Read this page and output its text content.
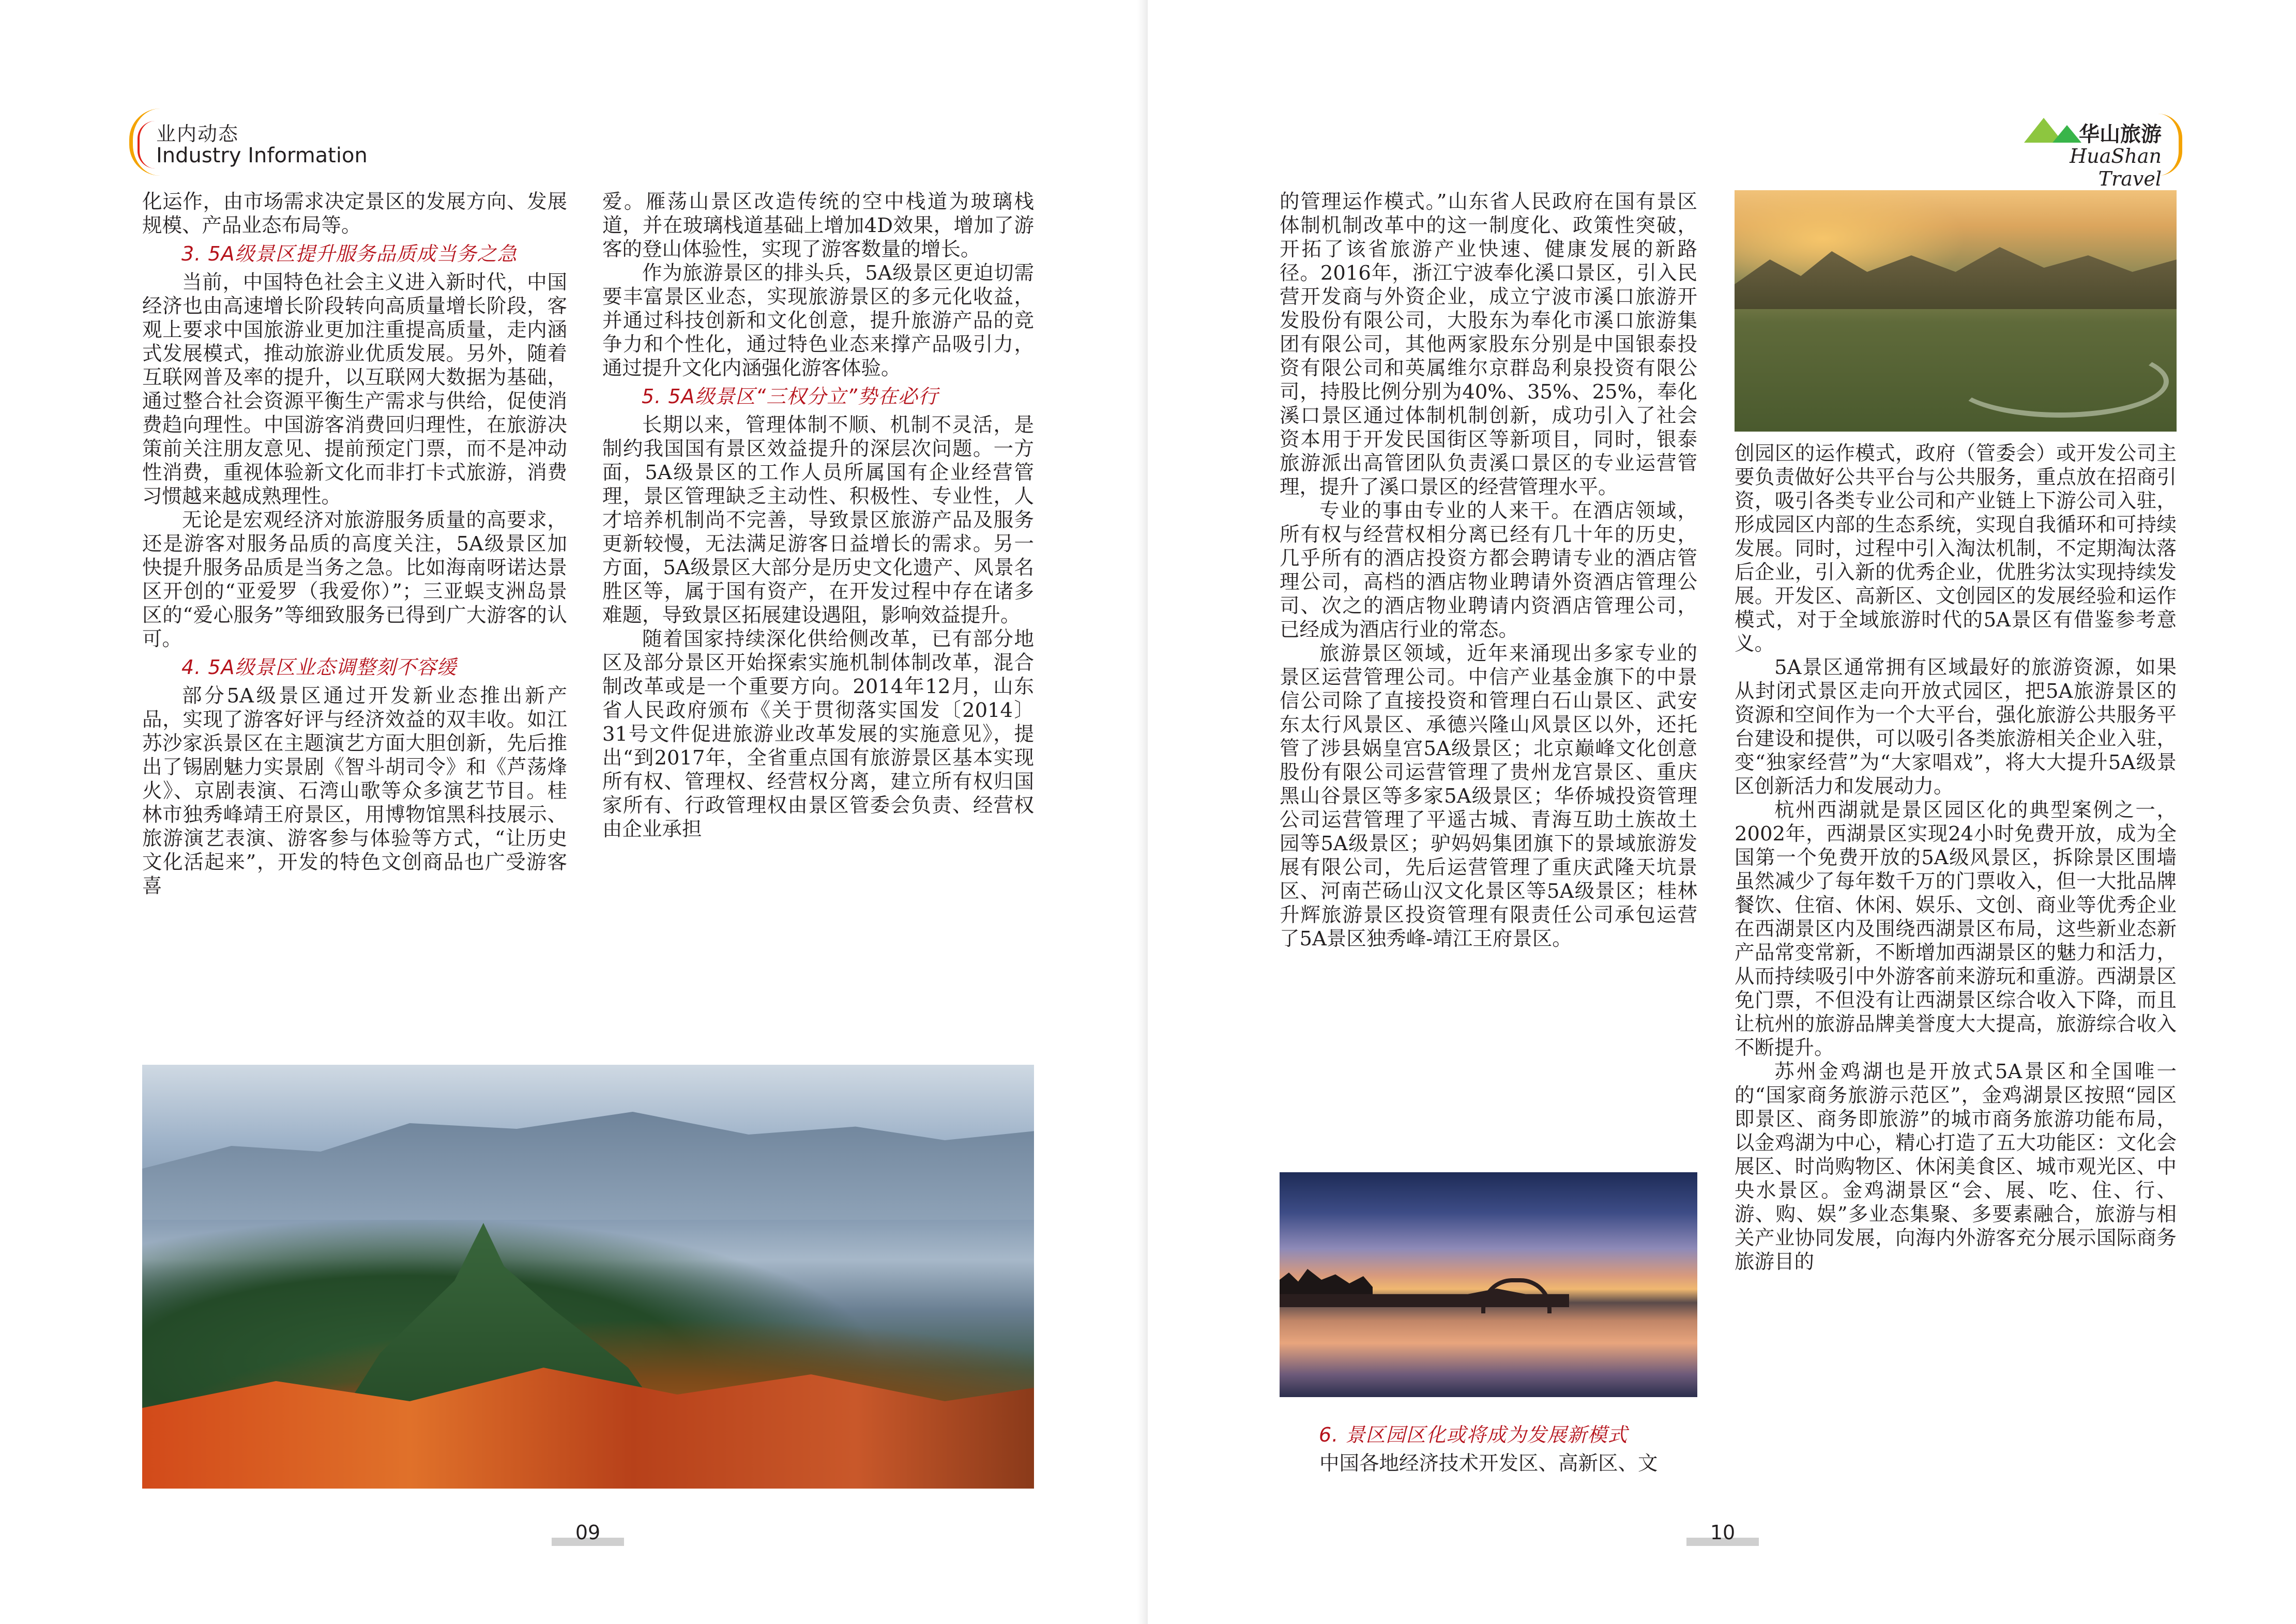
业内动态
Industry Information

化运作，由市场需求决定景区的发展方向、发展规模、产品业态布局等。

3. 5A级景区提升服务品质成当务之急

当前，中国特色社会主义进入新时代，中国经济也由高速增长阶段转向高质量增长阶段，客观上要求中国旅游业更加注重提高质量，走内涵式发展模式，推动旅游业优质发展。另外，随着互联网普及率的提升，以互联网大数据为基础，通过整合社会资源平衡生产需求与供给，促使消费趋向理性。中国游客消费回归理性，在旅游决策前关注朋友意见、提前预定门票，而不是冲动性消费，重视体验新文化而非打卡式旅游，消费习惯越来越成熟理性。

无论是宏观经济对旅游服务质量的高要求，还是游客对服务品质的高度关注，5A级景区加快提升服务品质是当务之急。比如海南呀诺达景区开创的“亚爱罗（我爱你）”；三亚蜈支洲岛景区的“爱心服务”等细致服务已得到广大游客的认可。

4. 5A级景区业态调整刻不容缓

部分5A级景区通过开发新业态推出新产品，实现了游客好评与经济效益的双丰收。如江苏沙家浜景区在主题演艺方面大胆创新，先后推出了锡剧魅力实景剧《智斗胡司令》和《芦荡烽火》、京剧表演、石湾山歌等众多演艺节目。桂林市独秀峰靖王府景区，用博物馆黑科技展示、旅游演艺表演、游客参与体验等方式，“让历史文化活起来”，开发的特色文创商品也广受游客喜

爱。雁荡山景区改造传统的空中栈道为玻璃栈道，并在玻璃栈道基础上增加4D效果，增加了游客的登山体验性，实现了游客数量的增长。

作为旅游景区的排头兵，5A级景区更迫切需要丰富景区业态，实现旅游景区的多元化收益，并通过科技创新和文化创意，提升旅游产品的竞争力和个性化，通过特色业态来撑产品吸引力，通过提升文化内涵强化游客体验。

5. 5A级景区“三权分立”势在必行

长期以来，管理体制不顺、机制不灵活，是制约我国国有景区效益提升的深层次问题。一方面，5A级景区的工作人员所属国有企业经营管理，景区管理缺乏主动性、积极性、专业性，人才培养机制尚不完善，导致景区旅游产品及服务更新较慢，无法满足游客日益增长的需求。另一方面，5A级景区大部分是历史文化遗产、风景名胜区等，属于国有资产，在开发过程中存在诸多难题，导致景区拓展建设遇阻，影响效益提升。

随着国家持续深化供给侧改革，已有部分地区及部分景区开始探索实施机制体制改革，混合制改革或是一个重要方向。2014年12月，山东省人民政府颁布《关于贯彻落实国发〔2014〕31号文件促进旅游业改革发展的实施意见》，提出“到2017年，全省重点国有旅游景区基本实现所有权、管理权、经营权分离，建立所有权归国家所有、行政管理权由景区管委会负责、经营权由企业承担

09
华山旅游
HuaShan Travel

的管理运作模式。”山东省人民政府在国有景区体制机制改革中的这一制度化、政策性突破，开拓了该省旅游产业快速、健康发展的新路径。2016年，浙江宁波奉化溪口景区，引入民营开发商与外资企业，成立宁波市溪口旅游开发股份有限公司，大股东为奉化市溪口旅游集团有限公司，其他两家股东分别是中国银泰投资有限公司和英属维尔京群岛利泉投资有限公司，持股比例分别为40%、35%、25%，奉化溪口景区通过体制机制创新，成功引入了社会资本用于开发民国街区等新项目，同时，银泰旅游派出高管团队负责溪口景区的专业运营管理，提升了溪口景区的经营管理水平。

专业的事由专业的人来干。在酒店领域，所有权与经营权相分离已经有几十年的历史，几乎所有的酒店投资方都会聘请专业的酒店管理公司，高档的酒店物业聘请外资酒店管理公司、次之的酒店物业聘请内资酒店管理公司，已经成为酒店行业的常态。

旅游景区领域，近年来涌现出多家专业的景区运营管理公司。中信产业基金旗下的中景信公司除了直接投资和管理白石山景区、武安东太行风景区、承德兴隆山风景区以外，还托管了涉县娲皇宫5A级景区；北京巅峰文化创意股份有限公司运营管理了贵州龙宫景区、重庆黑山谷景区等多家5A级景区；华侨城投资管理公司运营管理了平遥古城、青海互助土族故土园等5A级景区；驴妈妈集团旗下的景域旅游发展有限公司，先后运营管理了重庆武隆天坑景区、河南芒砀山汉文化景区等5A级景区；桂林升辉旅游景区投资管理有限责任公司承包运营了5A景区独秀峰-靖江王府景区。

6. 景区园区化或将成为发展新模式

中国各地经济技术开发区、高新区、文

创园区的运作模式，政府（管委会）或开发公司主要负责做好公共平台与公共服务，重点放在招商引资，吸引各类专业公司和产业链上下游公司入驻，形成园区内部的生态系统，实现自我循环和可持续发展。同时，过程中引入淘汰机制，不定期淘汰落后企业，引入新的优秀企业，优胜劣汰实现持续发展。开发区、高新区、文创园区的发展经验和运作模式，对于全域旅游时代的5A景区有借鉴参考意义。

5A景区通常拥有区域最好的旅游资源，如果从封闭式景区走向开放式园区，把5A旅游景区的资源和空间作为一个大平台，强化旅游公共服务平台建设和提供，可以吸引各类旅游相关企业入驻，变“独家经营”为“大家唱戏”，将大大提升5A级景区创新活力和发展动力。

杭州西湖就是景区园区化的典型案例之一，2002年，西湖景区实现24小时免费开放，成为全国第一个免费开放的5A级风景区，拆除景区围墙虽然减少了每年数千万的门票收入，但一大批品牌餐饮、住宿、休闲、娱乐、文创、商业等优秀企业在西湖景区内及围绕西湖景区布局，这些新业态新产品常变常新，不断增加西湖景区的魅力和活力，从而持续吸引中外游客前来游玩和重游。西湖景区免门票，不但没有让西湖景区综合收入下降，而且让杭州的旅游品牌美誉度大大提高，旅游综合收入不断提升。

苏州金鸡湖也是开放式5A景区和全国唯一的“国家商务旅游示范区”，金鸡湖景区按照“园区即景区、商务即旅游”的城市商务旅游功能布局，以金鸡湖为中心，精心打造了五大功能区：文化会展区、时尚购物区、休闲美食区、城市观光区、中央水景区。金鸡湖景区“会、展、吃、住、行、游、购、娱”多业态集聚、多要素融合，旅游与相关产业协同发展，向海内外游客充分展示国际商务旅游目的

10
